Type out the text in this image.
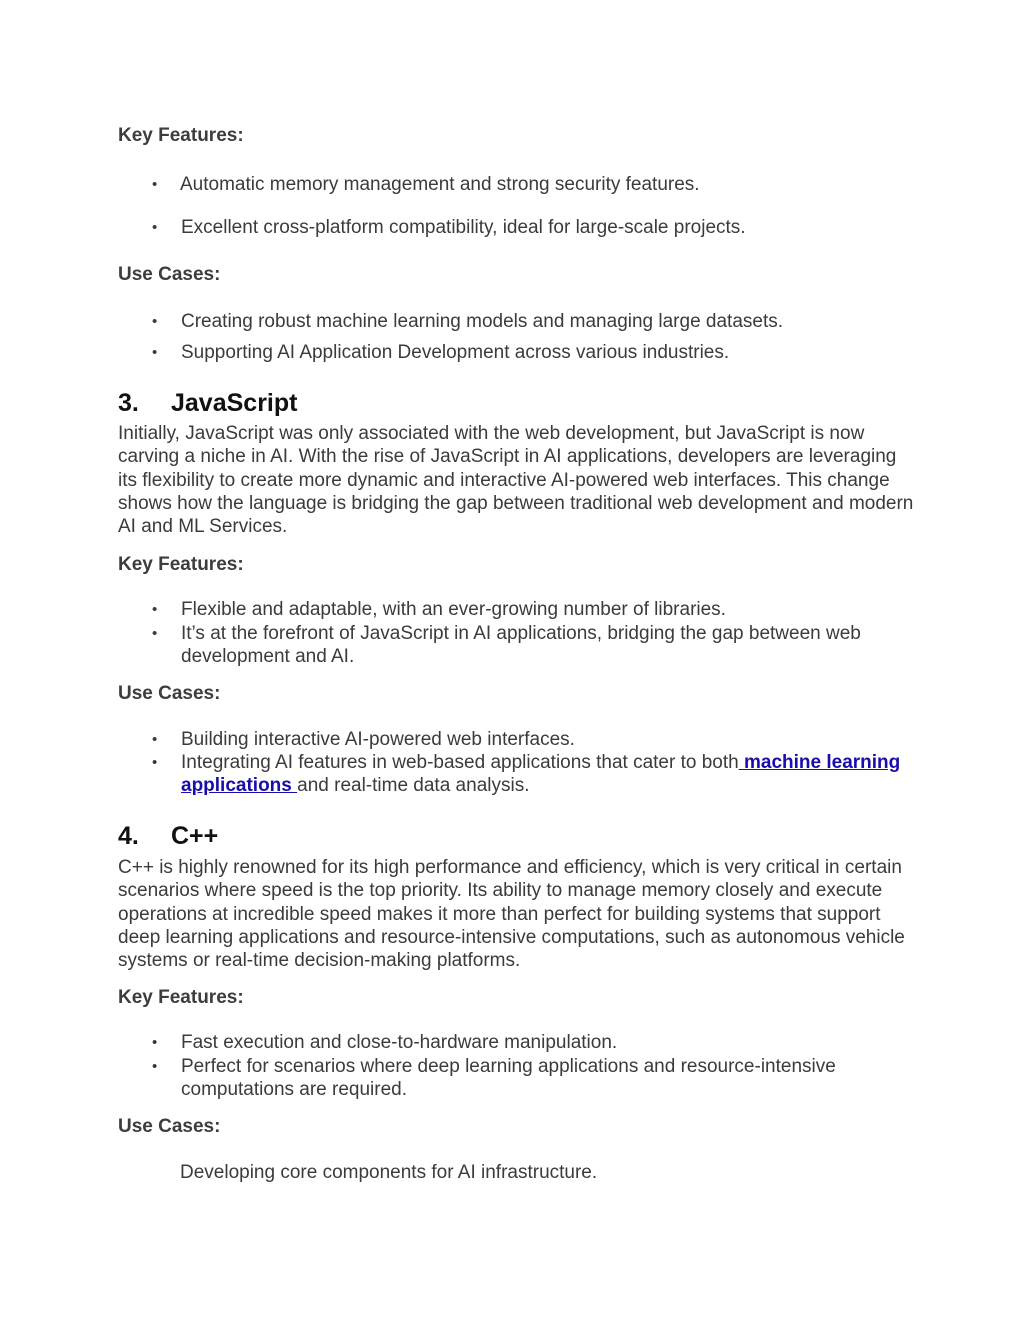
Key Features:

•	Automatic memory management and strong security features.
•	Excellent cross-platform compatibility, ideal for large-scale projects.

Use Cases:

•	Creating robust machine learning models and managing large datasets.
•	Supporting AI Application Development across various industries.
3. JavaScript

Initially, JavaScript was only associated with the web development, but JavaScript is now carving a niche in AI. With the rise of JavaScript in AI applications, developers are leveraging its flexibility to create more dynamic and interactive AI-powered web interfaces. This change shows how the language is bridging the gap between traditional web development and modern AI and ML Services.

Key Features:

•	Flexible and adaptable, with an ever-growing number of libraries.
•	It’s at the forefront of JavaScript in AI applications, bridging the gap between web development and AI.

Use Cases:

•	Building interactive AI-powered web interfaces.
•	Integrating AI features in web-based applications that cater to both machine learning applications and real-time data analysis.
4. C++

C++ is highly renowned for its high performance and efficiency, which is very critical in certain scenarios where speed is the top priority. Its ability to manage memory closely and execute operations at incredible speed makes it more than perfect for building systems that support deep learning applications and resource-intensive computations, such as autonomous vehicle systems or real-time decision-making platforms.

Key Features:

•	Fast execution and close-to-hardware manipulation.
•	Perfect for scenarios where deep learning applications and resource-intensive computations are required.

Use Cases:

Developing core components for AI infrastructure.
